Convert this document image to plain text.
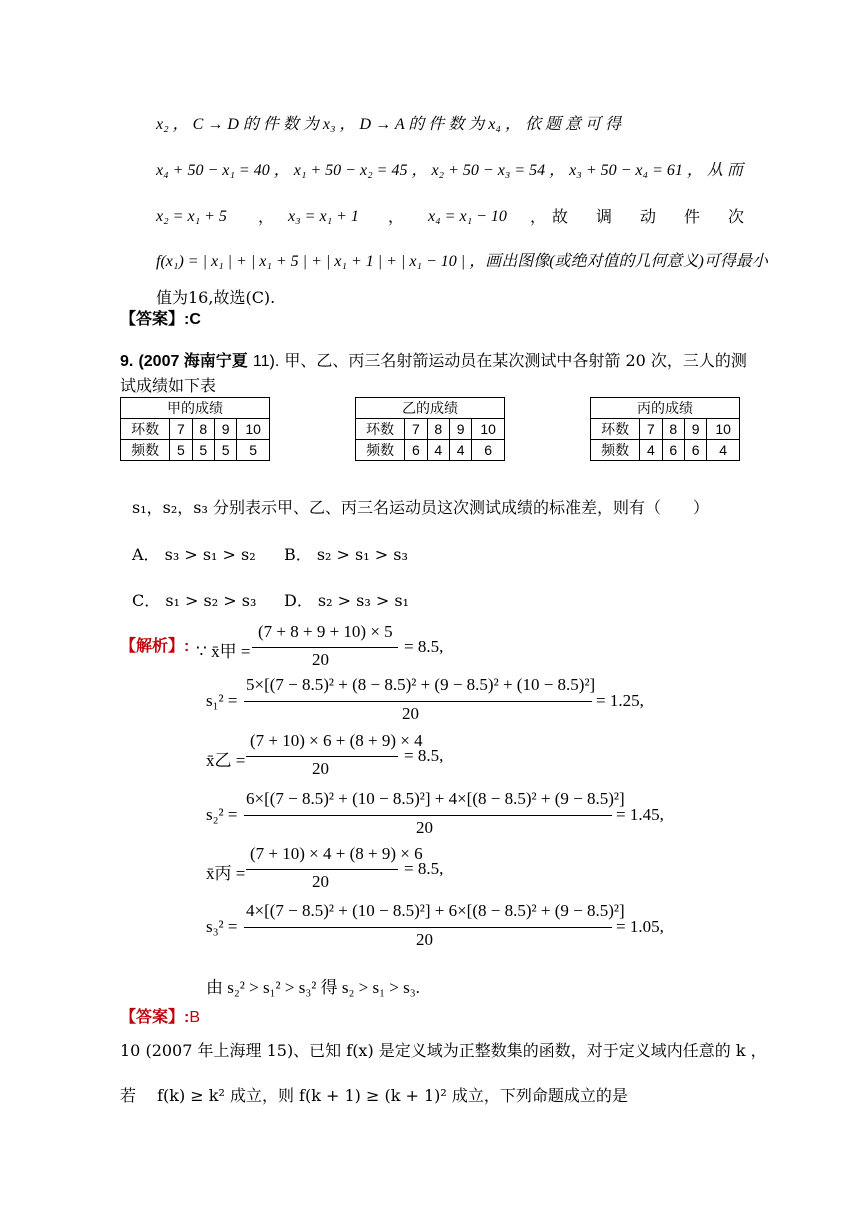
x₂ ， C → D 的 件 数 为 x₃ ， D → A 的 件 数 为 x₄ ， 依 题 意 可 得
x₄ + 50 − x₁ = 40 ， x₁ + 50 − x₂ = 45 ， x₂ + 50 − x₃ = 54 ， x₃ + 50 − x₄ = 61 ， 从 而
x₂ = x₁ + 5 ， x₃ = x₁ + 1 ， x₄ = x₁ − 10 ， 故　调　动　件　次
f(x₁) = | x₁ | + | x₁ + 5 | + | x₁ + 1 | + | x₁ − 10 | ，画出图像(或绝对值的几何意义)可得最小
值为16,故选(C).
【答案】:C
9. (2007 海南宁夏 11). 甲、乙、丙三名射箭运动员在某次测试中各射箭 20 次，三人的测
试成绩如下表
甲的成绩				
环数	7	8	9	10
频数	5	5	5	5
乙的成绩				
环数	7	8	9	10
频数	6	4	4	6
丙的成绩				
环数	7	8	9	10
频数	4	6	6	4
s₁，s₂，s₃ 分别表示甲、乙、丙三名运动员这次测试成绩的标准差，则有（　　）
A． s₃ > s₁ > s₂ B． s₂ > s₁ > s₃
C． s₁ > s₂ > s₃ D． s₂ > s₃ > s₁
【解析】: ∵ x̄甲 =
(7 + 8 + 9 + 10) × 5
20
= 8.5,
s₁² =
5×[(7 − 8.5)² + (8 − 8.5)² + (9 − 8.5)² + (10 − 8.5)²]
20
= 1.25,
x̄乙 =
(7 + 10) × 6 + (8 + 9) × 4
20
= 8.5,
s₂² =
6×[(7 − 8.5)² + (10 − 8.5)²] + 4×[(8 − 8.5)² + (9 − 8.5)²]
20
= 1.45,
x̄丙 =
(7 + 10) × 4 + (8 + 9) × 6
20
= 8.5,
s₃² =
4×[(7 − 8.5)² + (10 − 8.5)²] + 6×[(8 − 8.5)² + (9 − 8.5)²]
20
= 1.05,
由 s₂² > s₁² > s₃² 得 s₂ > s₁ > s₃.
【答案】:B
10 (2007 年上海理 15)、已知 f(x) 是定义域为正整数集的函数，对于定义域内任意的 k ，
若　 f(k) ≥ k² 成立，则 f(k + 1) ≥ (k + 1)² 成立，下列命题成立的是
